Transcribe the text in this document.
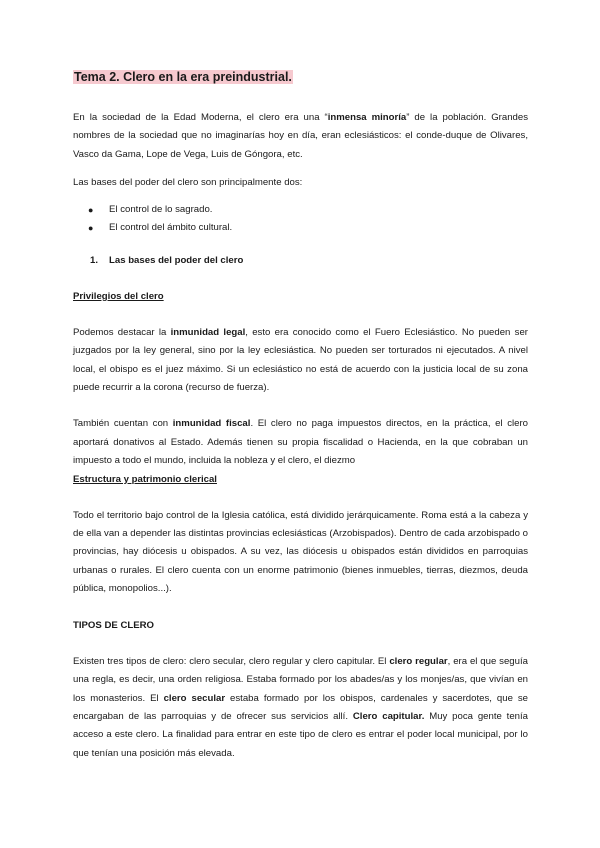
Tema 2. Clero en la era preindustrial.

En la sociedad de la Edad Moderna, el clero era una “inmensa minoría” de la población. Grandes nombres de la sociedad que no imaginarías hoy en día, eran eclesiásticos: el conde-duque de Olivares, Vasco da Gama, Lope de Vega, Luis de Góngora, etc.

Las bases del poder del clero son principalmente dos:

● El control de lo sagrado.
● El control del ámbito cultural.
1. Las bases del poder del clero
Privilegios del clero

Podemos destacar la inmunidad legal, esto era conocido como el Fuero Eclesiástico. No pueden ser juzgados por la ley general, sino por la ley eclesiástica. No pueden ser torturados ni ejecutados. A nivel local, el obispo es el juez máximo. Si un eclesiástico no está de acuerdo con la justicia local de su zona puede recurrir a la corona (recurso de fuerza).

También cuentan con inmunidad fiscal. El clero no paga impuestos directos, en la práctica, el clero aportará donativos al Estado. Además tienen su propia fiscalidad o Hacienda, en la que cobraban un impuesto a todo el mundo, incluida la nobleza y el clero, el diezmo

Estructura y patrimonio clerical

Todo el territorio bajo control de la Iglesia católica, está dividido jerárquicamente. Roma está a la cabeza y de ella van a depender las distintas provincias eclesiásticas (Arzobispados). Dentro de cada arzobispado o provincias, hay diócesis u obispados. A su vez, las diócesis u obispados están divididos en parroquias urbanas o rurales. El clero cuenta con un enorme patrimonio (bienes inmuebles, tierras, diezmos, deuda pública, monopolios...).

TIPOS DE CLERO

Existen tres tipos de clero: clero secular, clero regular y clero capitular. El clero regular, era el que seguía una regla, es decir, una orden religiosa. Estaba formado por los abades/as y los monjes/as, que vivían en los monasterios. El clero secular estaba formado por los obispos, cardenales y sacerdotes, que se encargaban de las parroquias y de ofrecer sus servicios allí. Clero capitular. Muy poca gente tenía acceso a este clero. La finalidad para entrar en este tipo de clero es entrar el poder local municipal, por lo que tenían una posición más elevada.
